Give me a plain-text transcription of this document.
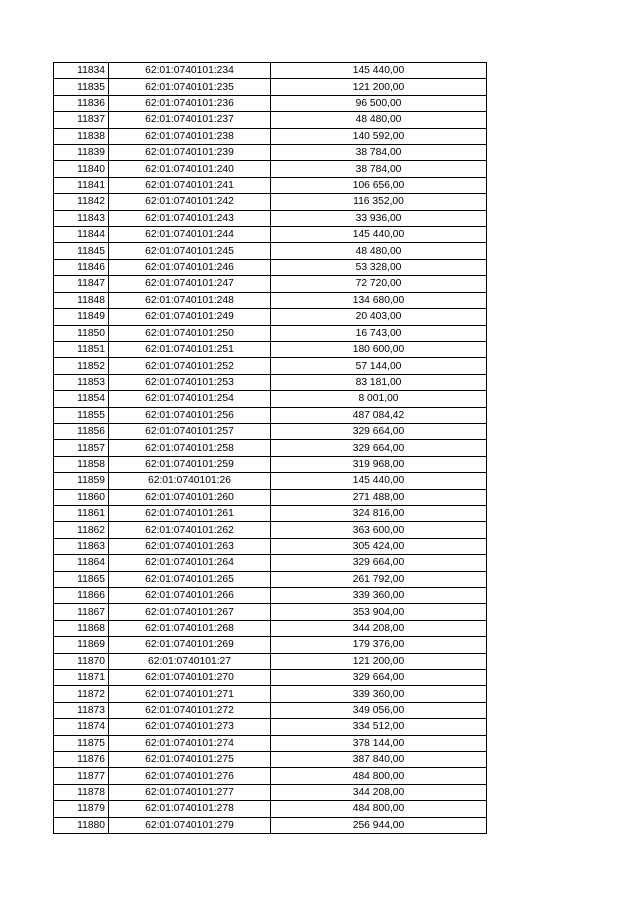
11834	62:01:0740101:234	145 440,00
11835	62:01:0740101:235	121 200,00
11836	62:01:0740101:236	96 500,00
11837	62:01:0740101:237	48 480,00
11838	62:01:0740101:238	140 592,00
11839	62:01:0740101:239	38 784,00
11840	62:01:0740101:240	38 784,00
11841	62:01:0740101:241	106 656,00
11842	62:01:0740101:242	116 352,00
11843	62:01:0740101:243	33 936,00
11844	62:01:0740101:244	145 440,00
11845	62:01:0740101:245	48 480,00
11846	62:01:0740101:246	53 328,00
11847	62:01:0740101:247	72 720,00
11848	62:01:0740101:248	134 680,00
11849	62:01:0740101:249	20 403,00
11850	62:01:0740101:250	16 743,00
11851	62:01:0740101:251	180 600,00
11852	62:01:0740101:252	57 144,00
11853	62:01:0740101:253	83 181,00
11854	62:01:0740101:254	8 001,00
11855	62:01:0740101:256	487 084,42
11856	62:01:0740101:257	329 664,00
11857	62:01:0740101:258	329 664,00
11858	62:01:0740101:259	319 968,00
11859	62:01:0740101:26	145 440,00
11860	62:01:0740101:260	271 488,00
11861	62:01:0740101:261	324 816,00
11862	62:01:0740101:262	363 600,00
11863	62:01:0740101:263	305 424,00
11864	62:01:0740101:264	329 664,00
11865	62:01:0740101:265	261 792,00
11866	62:01:0740101:266	339 360,00
11867	62:01:0740101:267	353 904,00
11868	62:01:0740101:268	344 208,00
11869	62:01:0740101:269	179 376,00
11870	62:01:0740101:27	121 200,00
11871	62:01:0740101:270	329 664,00
11872	62:01:0740101:271	339 360,00
11873	62:01:0740101:272	349 056,00
11874	62:01:0740101:273	334 512,00
11875	62:01:0740101:274	378 144,00
11876	62:01:0740101:275	387 840,00
11877	62:01:0740101:276	484 800,00
11878	62:01:0740101:277	344 208,00
11879	62:01:0740101:278	484 800,00
11880	62:01:0740101:279	256 944,00
